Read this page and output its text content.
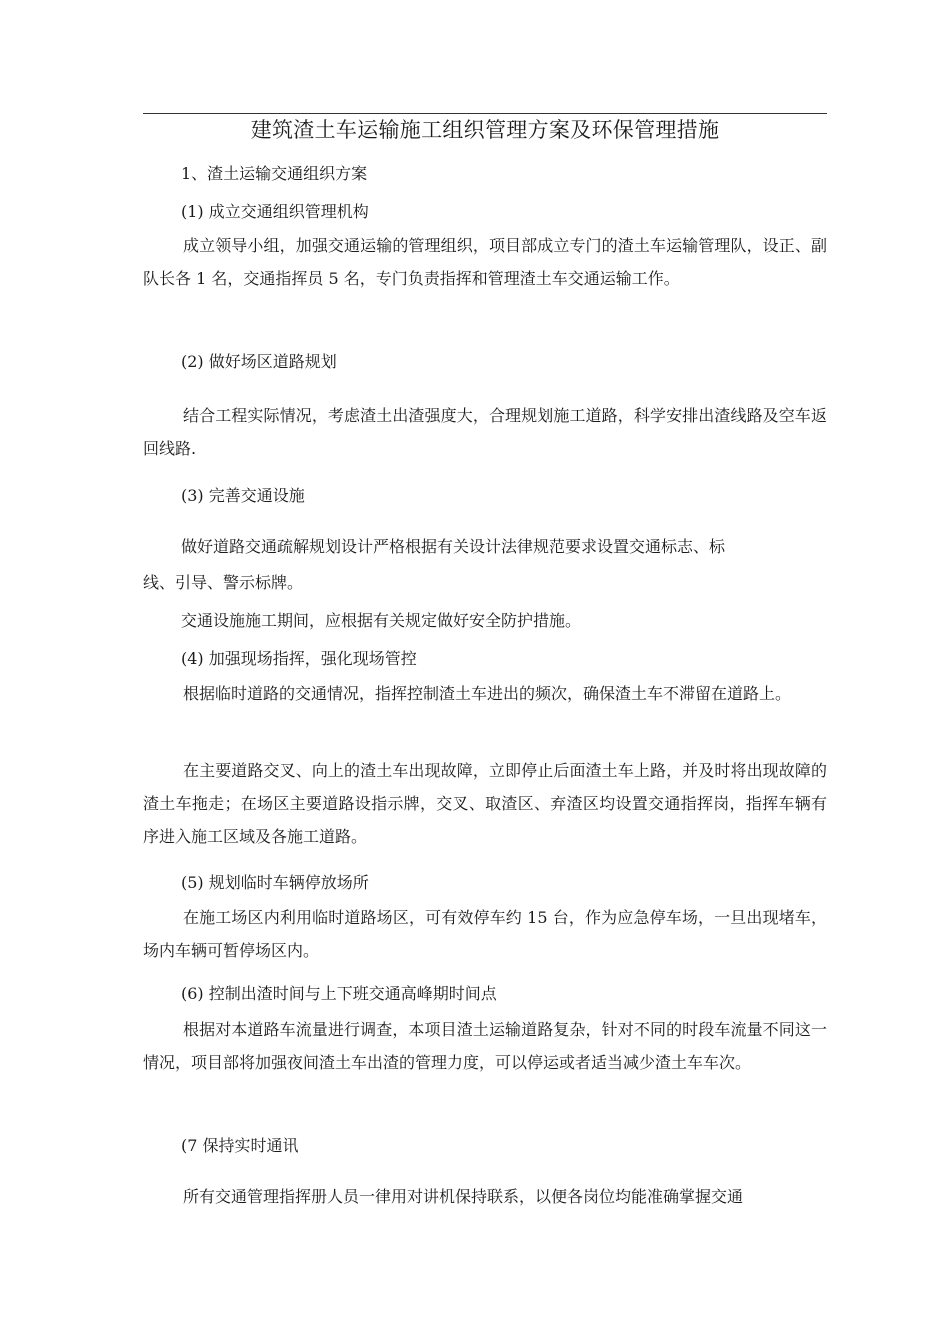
建筑渣土车运输施工组织管理方案及环保管理措施
1、渣土运输交通组织方案
(1) 成立交通组织管理机构
成立领导小组，加强交通运输的管理组织，项目部成立专门的渣土车运输管理队，设正、副队长各 1 名，交通指挥员 5 名，专门负责指挥和管理渣土车交通运输工作。
(2) 做好场区道路规划
结合工程实际情况，考虑渣土出渣强度大，合理规划施工道路，科学安排出渣线路及空车返回线路.
(3) 完善交通设施
做好道路交通疏解规划设计严格根据有关设计法律规范要求设置交通标志、标
线、引导、警示标牌。
交通设施施工期间，应根据有关规定做好安全防护措施。
(4) 加强现场指挥，强化现场管控
根据临时道路的交通情况，指挥控制渣土车进出的频次，确保渣土车不滞留在道路上。
在主要道路交叉、向上的渣土车出现故障，立即停止后面渣土车上路，并及时将出现故障的渣土车拖走；在场区主要道路设指示牌，交叉、取渣区、弃渣区均设置交通指挥岗，指挥车辆有序进入施工区域及各施工道路。
(5) 规划临时车辆停放场所
在施工场区内利用临时道路场区，可有效停车约 15 台，作为应急停车场，一旦出现堵车，场内车辆可暂停场区内。
(6) 控制出渣时间与上下班交通高峰期时间点
根据对本道路车流量进行调查，本项目渣土运输道路复杂，针对不同的时段车流量不同这一情况，项目部将加强夜间渣土车出渣的管理力度，可以停运或者适当减少渣土车车次。
(7 保持实时通讯
所有交通管理指挥册人员一律用对讲机保持联系，以便各岗位均能准确掌握交通
